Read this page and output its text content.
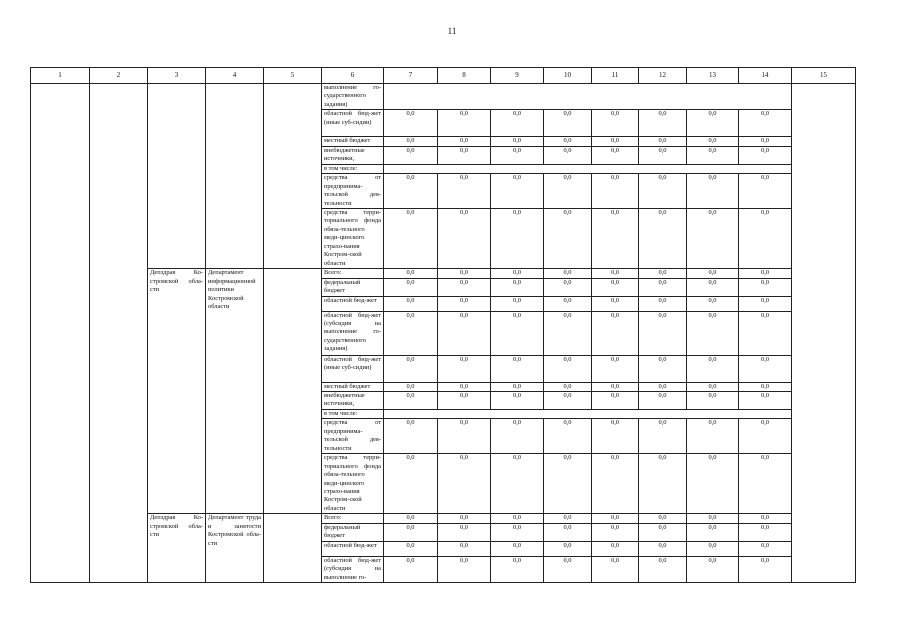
11
1	2	3	4	5	6	7	8	9	10	11	12	13	14	15
					выполнение го-сударственного задания)									
					областной бюд-жет (иные суб-сидии)	0,0	0,0	0,0	0,0	0,0	0,0	0,0	0,0	
					местный бюджет	0,0	0,0	0,0	0,0	0,0	0,0	0,0	0,0	
					внебюджетные источники,	0,0	0,0	0,0	0,0	0,0	0,0	0,0	0,0	
					в том числе:									
					средства от предпринима-тельской дея-тельности	0,0	0,0	0,0	0,0	0,0	0,0	0,0	0,0	
					средства терри-ториального фонда обяза-тельного меди-цинского страхо-вания Костром-ской области	0,0	0,0	0,0	0,0	0,0	0,0	0,0	0,0	
		Депздрав Ко-стромской обла-сти	Департамент информационной политики Костромской области		Всего:	0,0	0,0	0,0	0,0	0,0	0,0	0,0	0,0	
					федеральный бюджет	0,0	0,0	0,0	0,0	0,0	0,0	0,0	0,0	
					областной бюд-жет	0,0	0,0	0,0	0,0	0,0	0,0	0,0	0,0	
					областной бюд-жет (субсидия на выполнение го-сударственного задания)	0,0	0,0	0,0	0,0	0,0	0,0	0,0	0,0	
					областной бюд-жет (иные суб-сидии)	0,0	0,0	0,0	0,0	0,0	0,0	0,0	0,0	
					местный бюджет	0,0	0,0	0,0	0,0	0,0	0,0	0,0	0,0	
					внебюджетные источники,	0,0	0,0	0,0	0,0	0,0	0,0	0,0	0,0	
					в том числе:									
					средства от предпринима-тельской дея-тельности	0,0	0,0	0,0	0,0	0,0	0,0	0,0	0,0	
					средства терри-ториального фонда обяза-тельного меди-цинского страхо-вания Костром-ской области	0,0	0,0	0,0	0,0	0,0	0,0	0,0	0,0	
		Депздрав Ко-стромской обла-сти	Департамент труда и занятости Костромской обла-сти		Всего:	0,0	0,0	0,0	0,0	0,0	0,0	0,0	0,0	
					федеральный бюджет	0,0	0,0	0,0	0,0	0,0	0,0	0,0	0,0	
					областной бюд-жет	0,0	0,0	0,0	0,0	0,0	0,0	0,0	0,0	
					областной бюд-жет (субсидия на выполнение го-	0,0	0,0	0,0	0,0	0,0	0,0	0,0	0,0	
